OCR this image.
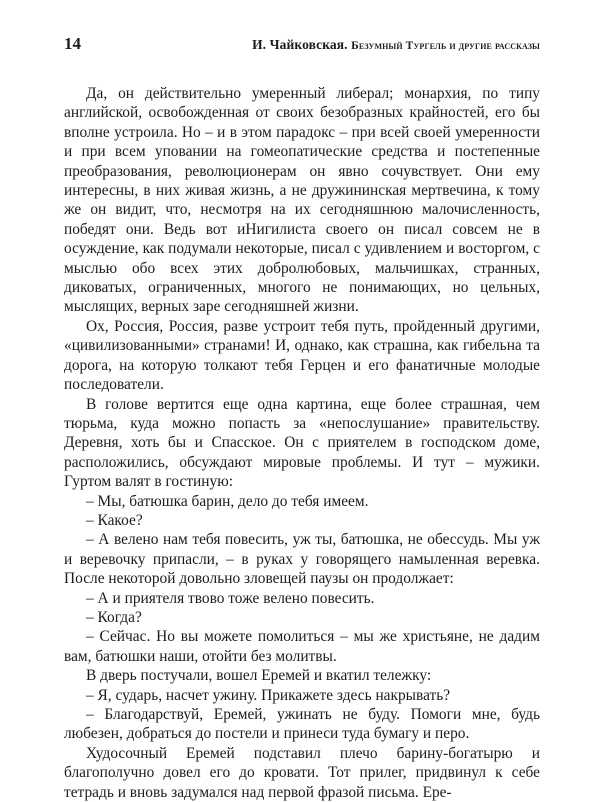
14	И. Чайковская. Безумный Тургель и другие рассказы

Да, он действительно умеренный либерал; монархия, по типу английской, освобожденная от своих безобразных крайностей, его бы вполне устроила. Но – и в этом парадокс – при всей своей умеренности и при всем уповании на гомеопатические средства и постепенные преобразования, революционерам он явно сочувствует. Они ему интересны, в них живая жизнь, а не дружининская мертвечина, к тому же он видит, что, несмотря на их сегодняшнюю малочисленность, победят они. Ведь вот иНигилиста своего он писал совсем не в осуждение, как подумали некоторые, писал с удивлением и восторгом, с мыслью обо всех этих добролюбовых, мальчишках, странных, диковатых, ограниченных, многого не понимающих, но цельных, мыслящих, верных заре сегодняшней жизни.

Ох, Россия, Россия, разве устроит тебя путь, пройденный другими, «цивилизованными» странами! И, однако, как страшна, как гибельна та дорога, на которую толкают тебя Герцен и его фанатичные молодые последователи.

В голове вертится еще одна картина, еще более страшная, чем тюрьма, куда можно попасть за «непослушание» правительству. Деревня, хоть бы и Спасское. Он с приятелем в господском доме, расположились, обсуждают мировые проблемы. И тут – мужики. Гуртом валят в гостиную:

– Мы, батюшка барин, дело до тебя имеем.

– Какое?

– А велено нам тебя повесить, уж ты, батюшка, не обессудь. Мы уж и веревочку припасли, – в руках у говорящего намыленная веревка. После некоторой довольно зловещей паузы он продолжает:

– А и приятеля твово тоже велено повесить.

– Когда?

– Сейчас. Но вы можете помолиться – мы же христьяне, не дадим вам, батюшки наши, отойти без молитвы.

В дверь постучали, вошел Еремей и вкатил тележку:

– Я, сударь, насчет ужину. Прикажете здесь накрывать?

– Благодарствуй, Еремей, ужинать не буду. Помоги мне, будь любезен, добраться до постели и принеси туда бумагу и перо.

Худосочный Еремей подставил плечо барину-богатырю и благополучно довел его до кровати. Тот прилег, придвинул к себе тетрадь и вновь задумался над первой фразой письма. Ере-
